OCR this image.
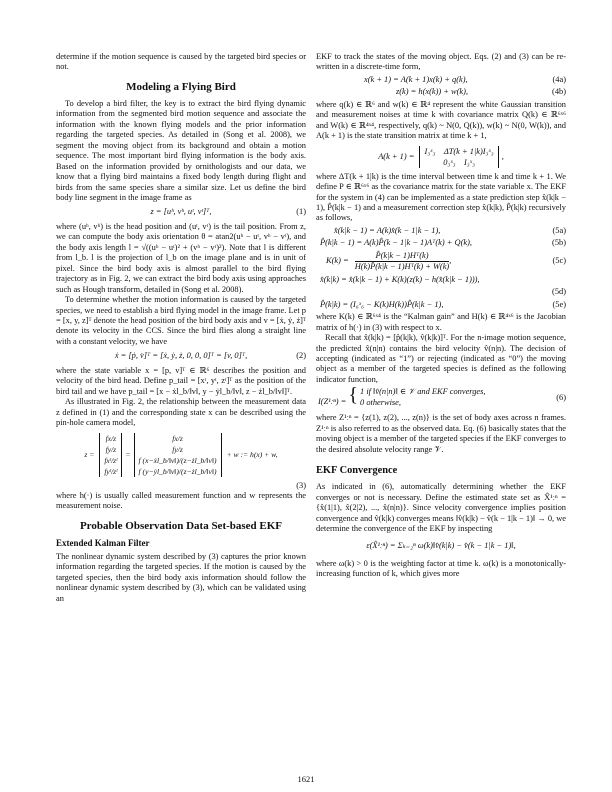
determine if the motion sequence is caused by the targeted bird species or not.

Modeling a Flying Bird

To develop a bird filter, the key is to extract the bird flying dynamic information from the segmented bird motion sequence and associate the information with the known flying models and the prior information regarding the targeted species. As detailed in (Song et al. 2008), we segment the moving object from its background and obtain a motion sequence. The most important bird flying information is the body axis. Based on the information provided by ornithologists and our data, we know that a flying bird maintains a fixed body length during flight and birds from the same species share a similar size. Let us define the bird body line segment in the image frame as

z = [uʰ, vʰ, uᵗ, vᵗ]ᵀ,	(1)

where (uʰ, vʰ) is the head position and (uᵗ, vᵗ) is the tail position. From z, we can compute the body axis orientation θ = atan2(uʰ − uᵗ, vʰ − vᵗ), and the body axis length l = √((uʰ − uᵗ)² + (vʰ − vᵗ)²). Note that l is different from l_b. l is the projection of l_b on the image plane and is in unit of pixel. Since the bird body axis is almost parallel to the bird flying trajectory as in Fig. 2, we can extract the bird body axis using approaches such as Hough transform, detailed in (Song et al. 2008).

To determine whether the motion information is caused by the targeted species, we need to establish a bird flying model in the image frame. Let p = [x, y, z]ᵀ denote the head position of the bird body axis and v = [ẋ, ẏ, ż]ᵀ denote its velocity in the CCS. Since the bird flies along a straight line with a constant velocity, we have

ẋ = [ṗ, v̇]ᵀ = [ẋ, ẏ, ż, 0, 0, 0]ᵀ = [v, 0]ᵀ,	(2)

where the state variable x = [p, v]ᵀ ∈ ℝ⁶ describes the position and velocity of the bird head. Define p_tail = [xᵗ, yᵗ, zᵗ]ᵀ as the position of the bird tail and we have p_tail = [x − ẋl_b/‖v‖, y − ẏl_b/‖v‖, z − żl_b/‖v‖]ᵀ.

As illustrated in Fig. 2, the relationship between the measurement data z defined in (1) and the corresponding state x can be described using the pin-hole camera model,

z =
fx/z
fy/z
fxᵗ/zᵗ
fyᵗ/zᵗ
=
fx/z
fy/z
f (x−ẋl_b/‖v‖)/(z−żl_b/‖v‖)
f (y−ẏl_b/‖v‖)/(z−żl_b/‖v‖)
+ w := h(x) + w,
(3)

where h(·) is usually called measurement function and w represents the measurement noise.

Probable Observation Data Set-based EKF
Extended Kalman Filter

The nonlinear dynamic system described by (3) captures the prior known information regarding the targeted species. If the motion is caused by the targeted species, then the bird body axis information should follow the nonlinear dynamic system described by (3), which can be validated using an

EKF to track the states of the moving object. Eqs. (2) and (3) can be re-written in a discrete-time form,

x(k + 1) = A(k + 1)x(k) + q(k),	(4a)
z(k) = h(x(k)) + w(k),	(4b)

where q(k) ∈ ℝ⁶ and w(k) ∈ ℝ⁴ represent the white Gaussian transition and measurement noises at time k with covariance matrix Q(k) ∈ ℝ⁶ˣ⁶ and W(k) ∈ ℝ⁴ˣ⁴, respectively, q(k) ~ N(0, Q(k)), w(k) ~ N(0, W(k)), and A(k + 1) is the state transition matrix at time k + 1,

A(k + 1) =
I₃ˣ₃    ΔT(k + 1|k)I₃ˣ₃
0₃ˣ₃    I₃ˣ₃
,

where ΔT(k + 1|k) is the time interval between time k and time k + 1. We define P ∈ ℝ⁶ˣ⁶ as the covariance matrix for the state variable x. The EKF for the system in (4) can be implemented as a state prediction step x̂(k|k − 1), P̂(k|k − 1) and a measurement correction step x̂(k|k), P̂(k|k) recursively as follows,

x̂(k|k − 1) = A(k)x̂(k − 1|k − 1),	(5a)
P̂(k|k − 1) = A(k)P̂(k − 1|k − 1)Aᵀ(k) + Q(k),	(5b)
$K(k) = \frac{\text{P̂(k|k − 1)Hᵀ(k)}}{\text{H(k)P̂(k|k − 1)Hᵀ(k) + W(k)}}$ ,	(5c)
x̂(k|k) = x̂(k|k − 1) + K(k)(z(k) − h(x̂(k|k − 1))),
(5d)
P̂(k|k) = (I₆ˣ₆ − K(k)H(k))P̂(k|k − 1),	(5e)

where K(k) ∈ ℝ⁶ˣ⁴ is the “Kalman gain” and H(k) ∈ ℝ⁴ˣ⁶ is the Jacobian matrix of h(·) in (3) with respect to x.

Recall that x̂(k|k) = [p̂(k|k), v̂(k|k)]ᵀ. For the n-image motion sequence, the predicted x̂(n|n) contains the bird velocity v̂(n|n). The decision of accepting (indicated as “1”) or rejecting (indicated as “0”) the moving object as a member of the targeted species is defined as the following indicator function,

I(Z¹ːⁿ) = { 1 if ‖v̂(n|n)‖ ∈ 𝒱 and EKF converges,
0 otherwise,	(6)

where Z¹ːⁿ = {z(1), z(2), ..., z(n)} is the set of body axes across n frames. Z¹ːⁿ is also referred to as the observed data. Eq. (6) basically states that the moving object is a member of the targeted species if the EKF converges to the desired absolute velocity range 𝒱.

EKF Convergence

As indicated in (6), automatically determining whether the EKF converges or not is necessary. Define the estimated state set as X̂¹ːⁿ = {x̂(1|1), x̂(2|2), ..., x̂(n|n)}. Since velocity convergence implies position convergence and v̂(k|k) converges means ‖v̂(k|k) − v̂(k − 1|k − 1)‖ → 0, we determine the convergence of the EKF by inspecting

ε(X̂¹ːⁿ) = Σₖ₌₂ⁿ ω(k)‖v̂(k|k) − v̂(k − 1|k − 1)‖,

where ω(k) > 0 is the weighting factor at time k. ω(k) is a monotonically-increasing function of k, which gives more

1621
